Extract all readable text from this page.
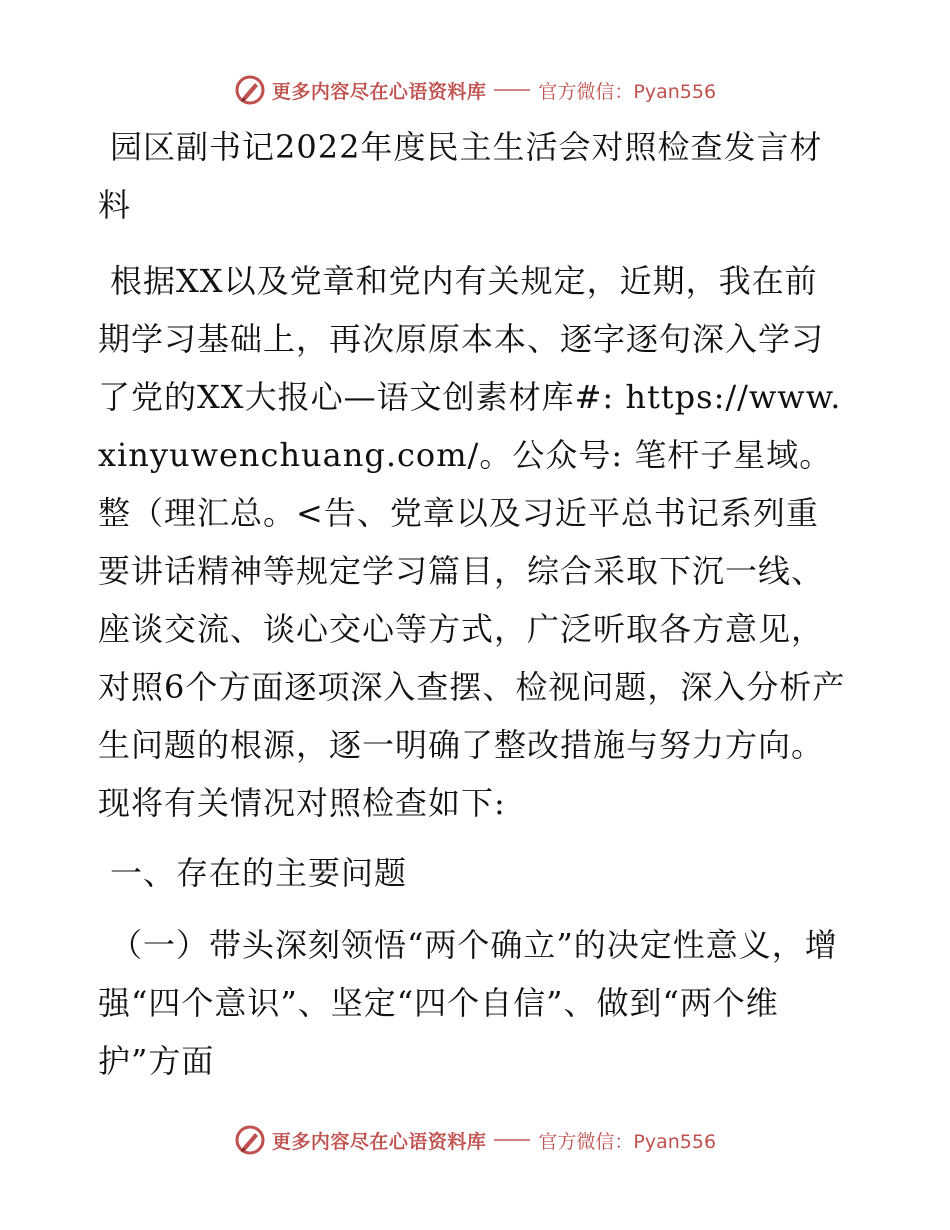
更多内容尽在心语资料库	官方微信：Pyan556

园区副书记2022年度民主生活会对照检查发言材料

根据XX以及党章和党内有关规定，近期，我在前期学习基础上，再次原原本本、逐字逐句深入学习了党的XX大报心—语文创素材库#: https://www.xinyuwenchuang.com/。公众号: 笔杆子星域。整（理汇总。<告、党章以及习近平总书记系列重要讲话精神等规定学习篇目，综合采取下沉一线、座谈交流、谈心交心等方式，广泛听取各方意见，对照6个方面逐项深入查摆、检视问题，深入分析产生问题的根源，逐一明确了整改措施与努力方向。现将有关情况对照检查如下:

一、存在的主要问题

（一）带头深刻领悟“两个确立”的决定性意义，增强“四个意识”、坚定“四个自信”、做到“两个维护”方面

更多内容尽在心语资料库	官方微信：Pyan556
